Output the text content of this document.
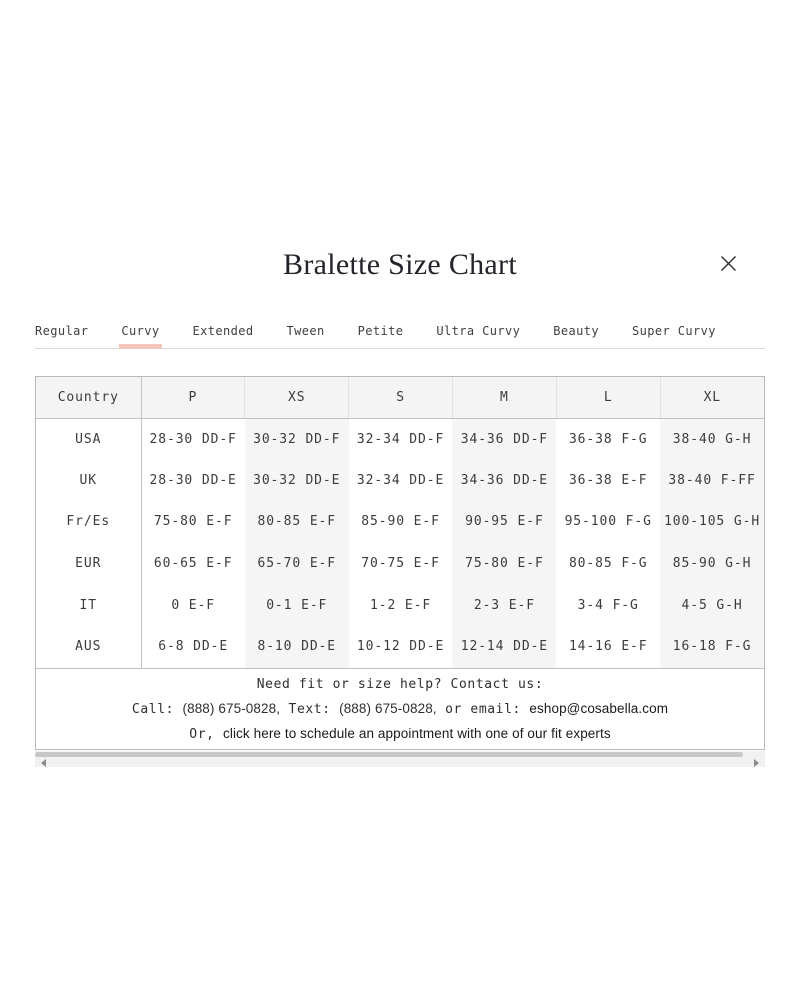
Bralette Size Chart
Regular	Curvy	Extended	Tween	Petite	Ultra Curvy	Beauty	Super Curvy
Country	P	XS	S	M	L	XL
USA	28-30 DD-F	30-32 DD-F	32-34 DD-F	34-36 DD-F	36-38 F-G	38-40 G-H
UK	28-30 DD-E	30-32 DD-E	32-34 DD-E	34-36 DD-E	36-38 E-F	38-40 F-FF
Fr/Es	75-80 E-F	80-85 E-F	85-90 E-F	90-95 E-F	95-100 F-G	100-105 G-H
EUR	60-65 E-F	65-70 E-F	70-75 E-F	75-80 E-F	80-85 F-G	85-90 G-H
IT	0 E-F	0-1 E-F	1-2 E-F	2-3 E-F	3-4 F-G	4-5 G-H
AUS	6-8 DD-E	8-10 DD-E	10-12 DD-E	12-14 DD-E	14-16 E-F	16-18 F-G
Need fit or size help? Contact us:
Call: (888) 675-0828, Text: (888) 675-0828, or email: eshop@cosabella.com
Or, click here to schedule an appointment with one of our fit experts
